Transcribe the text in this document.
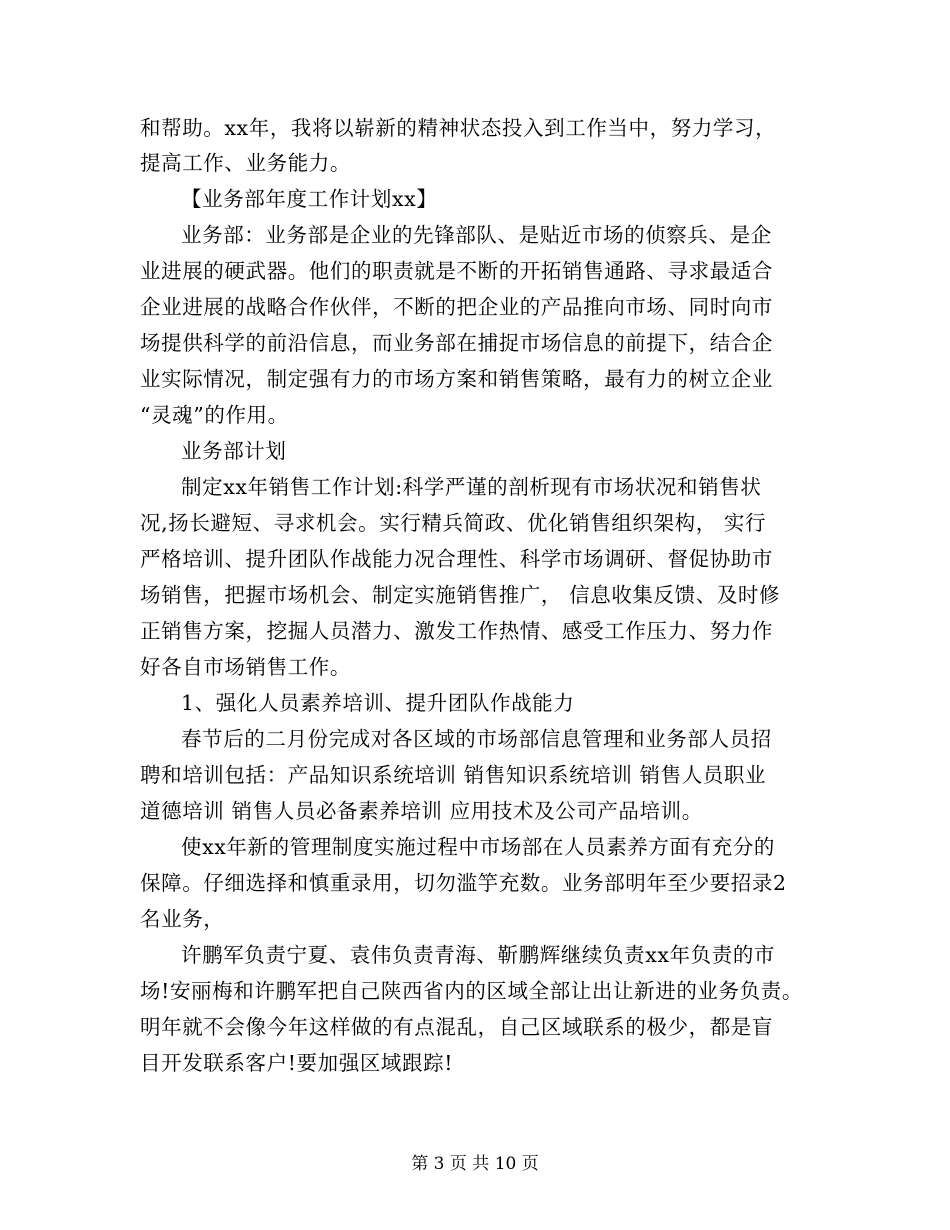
和帮助。xx年，我将以崭新的精神状态投入到工作当中，努力学习，
提高工作、业务能力。
【业务部年度工作计划xx】
业务部：业务部是企业的先锋部队、是贴近市场的侦察兵、是企
业进展的硬武器。他们的职责就是不断的开拓销售通路、寻求最适合
企业进展的战略合作伙伴，不断的把企业的产品推向市场、同时向市
场提供科学的前沿信息，而业务部在捕捉市场信息的前提下，结合企
业实际情况，制定强有力的市场方案和销售策略，最有力的树立企业
“灵魂”的作用。
业务部计划
制定xx年销售工作计划:科学严谨的剖析现有市场状况和销售状
况,扬长避短、寻求机会。实行精兵简政、优化销售组织架构， 实行
严格培训、提升团队作战能力况合理性、科学市场调研、督促协助市
场销售，把握市场机会、制定实施销售推广， 信息收集反馈、及时修
正销售方案，挖掘人员潜力、激发工作热情、感受工作压力、努力作
好各自市场销售工作。
1、强化人员素养培训、提升团队作战能力
春节后的二月份完成对各区域的市场部信息管理和业务部人员招
聘和培训包括：产品知识系统培训 销售知识系统培训 销售人员职业
道德培训 销售人员必备素养培训 应用技术及公司产品培训。
使xx年新的管理制度实施过程中市场部在人员素养方面有充分的
保障。仔细选择和慎重录用，切勿滥竽充数。业务部明年至少要招录2
名业务，
许鹏军负责宁夏、袁伟负责青海、靳鹏辉继续负责xx年负责的市
场!安丽梅和许鹏军把自己陕西省内的区域全部让出让新进的业务负责。
明年就不会像今年这样做的有点混乱，自己区域联系的极少，都是盲
目开发联系客户!要加强区域跟踪!
第 3 页 共 10 页
